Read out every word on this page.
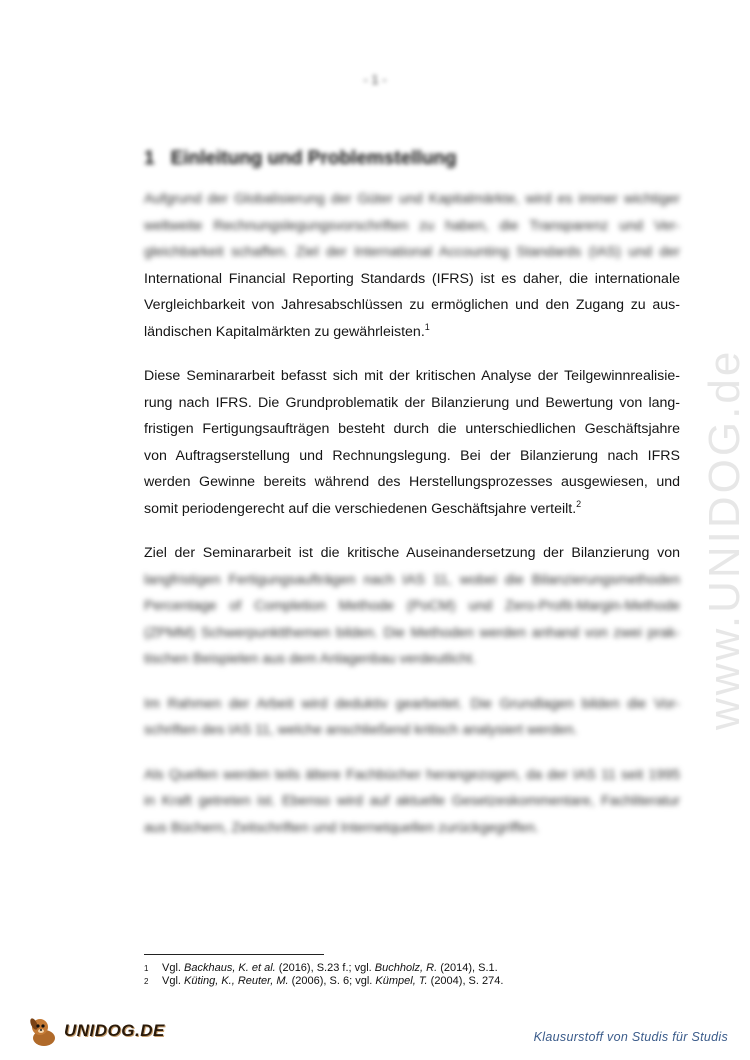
- 1 -
1 Einleitung und Problemstellung
Aufgrund der Globalisierung der Güter und Kapitalmärkte, wird es immer wichtiger
weltweite Rechnungslegungsvorschriften zu haben, die Transparenz und Ver-
gleichbarkeit schaffen. Ziel der International Accounting Standards (IAS) und der
International Financial Reporting Standards (IFRS) ist es daher, die internationale
Vergleichbarkeit von Jahresabschlüssen zu ermöglichen und den Zugang zu aus-
ländischen Kapitalmärkten zu gewährleisten.$^1$
Diese Seminararbeit befasst sich mit der kritischen Analyse der Teilgewinnrealisie-
rung nach IFRS. Die Grundproblematik der Bilanzierung und Bewertung von lang-
fristigen Fertigungsaufträgen besteht durch die unterschiedlichen Geschäftsjahre
von Auftragserstellung und Rechnungslegung. Bei der Bilanzierung nach IFRS
werden Gewinne bereits während des Herstellungsprozesses ausgewiesen, und
somit periodengerecht auf die verschiedenen Geschäftsjahre verteilt.$^2$
Ziel der Seminararbeit ist die kritische Auseinandersetzung der Bilanzierung von
langfristigen Fertigungsaufträgen nach IAS 11, wobei die Bilanzierungsmethoden
Percentage of Completion Methode (PoCM) und Zero-Profit-Margin-Methode
(ZPMM) Schwerpunktthemen bilden. Die Methoden werden anhand von zwei prak-
tischen Beispielen aus dem Anlagenbau verdeutlicht.
Im Rahmen der Arbeit wird deduktiv gearbeitet. Die Grundlagen bilden die Vor-
schriften des IAS 11, welche anschließend kritisch analysiert werden.
Als Quellen werden teils ältere Fachbücher herangezogen, da der IAS 11 seit 1995
in Kraft getreten ist. Ebenso wird auf aktuelle Gesetzeskommentare, Fachliteratur
aus Büchern, Zeitschriften und Internetquellen zurückgegriffen.
www.UNIDOG.de
1	Vgl. Backhaus, K. et al. (2016), S.23 f.; vgl. Buchholz, R. (2014), S.1.
2	Vgl. Küting, K., Reuter, M. (2006), S. 6; vgl. Kümpel, T. (2004), S. 274.
UNIDOG.DE	Klausurstoff von Studis für Studis
